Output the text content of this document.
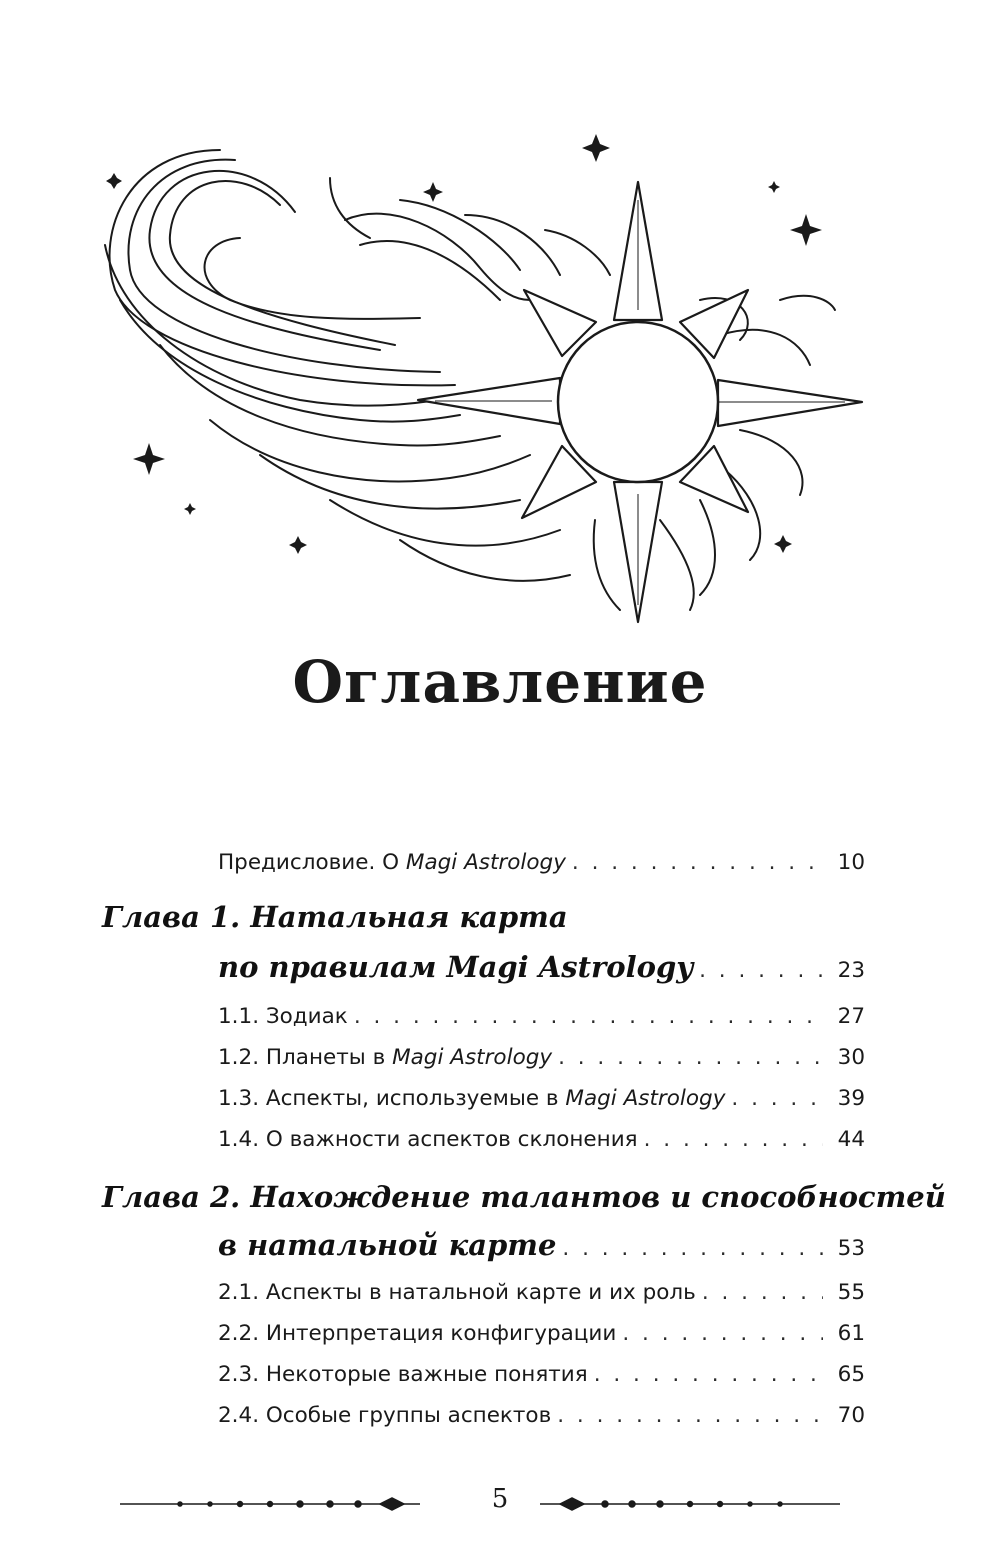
Оглавление
Предисловие. О Magi Astrology . . .	10
Глава 1. Натальная карта
по правилам Magi Astrology . . .	23
1.1. Зодиак . . .	27
1.2. Планеты в Magi Astrology . . .	30
1.3. Аспекты, используемые в Magi Astrology . . .	39
1.4. О важности аспектов склонения . . .	44
Глава 2. Нахождение талантов и способностей
в натальной карте . . .	53
2.1. Аспекты в натальной карте и их роль . . .	55
2.2. Интерпретация конфигурации . . .	61
2.3. Некоторые важные понятия . . .	65
2.4. Особые группы аспектов . . .	70
5
